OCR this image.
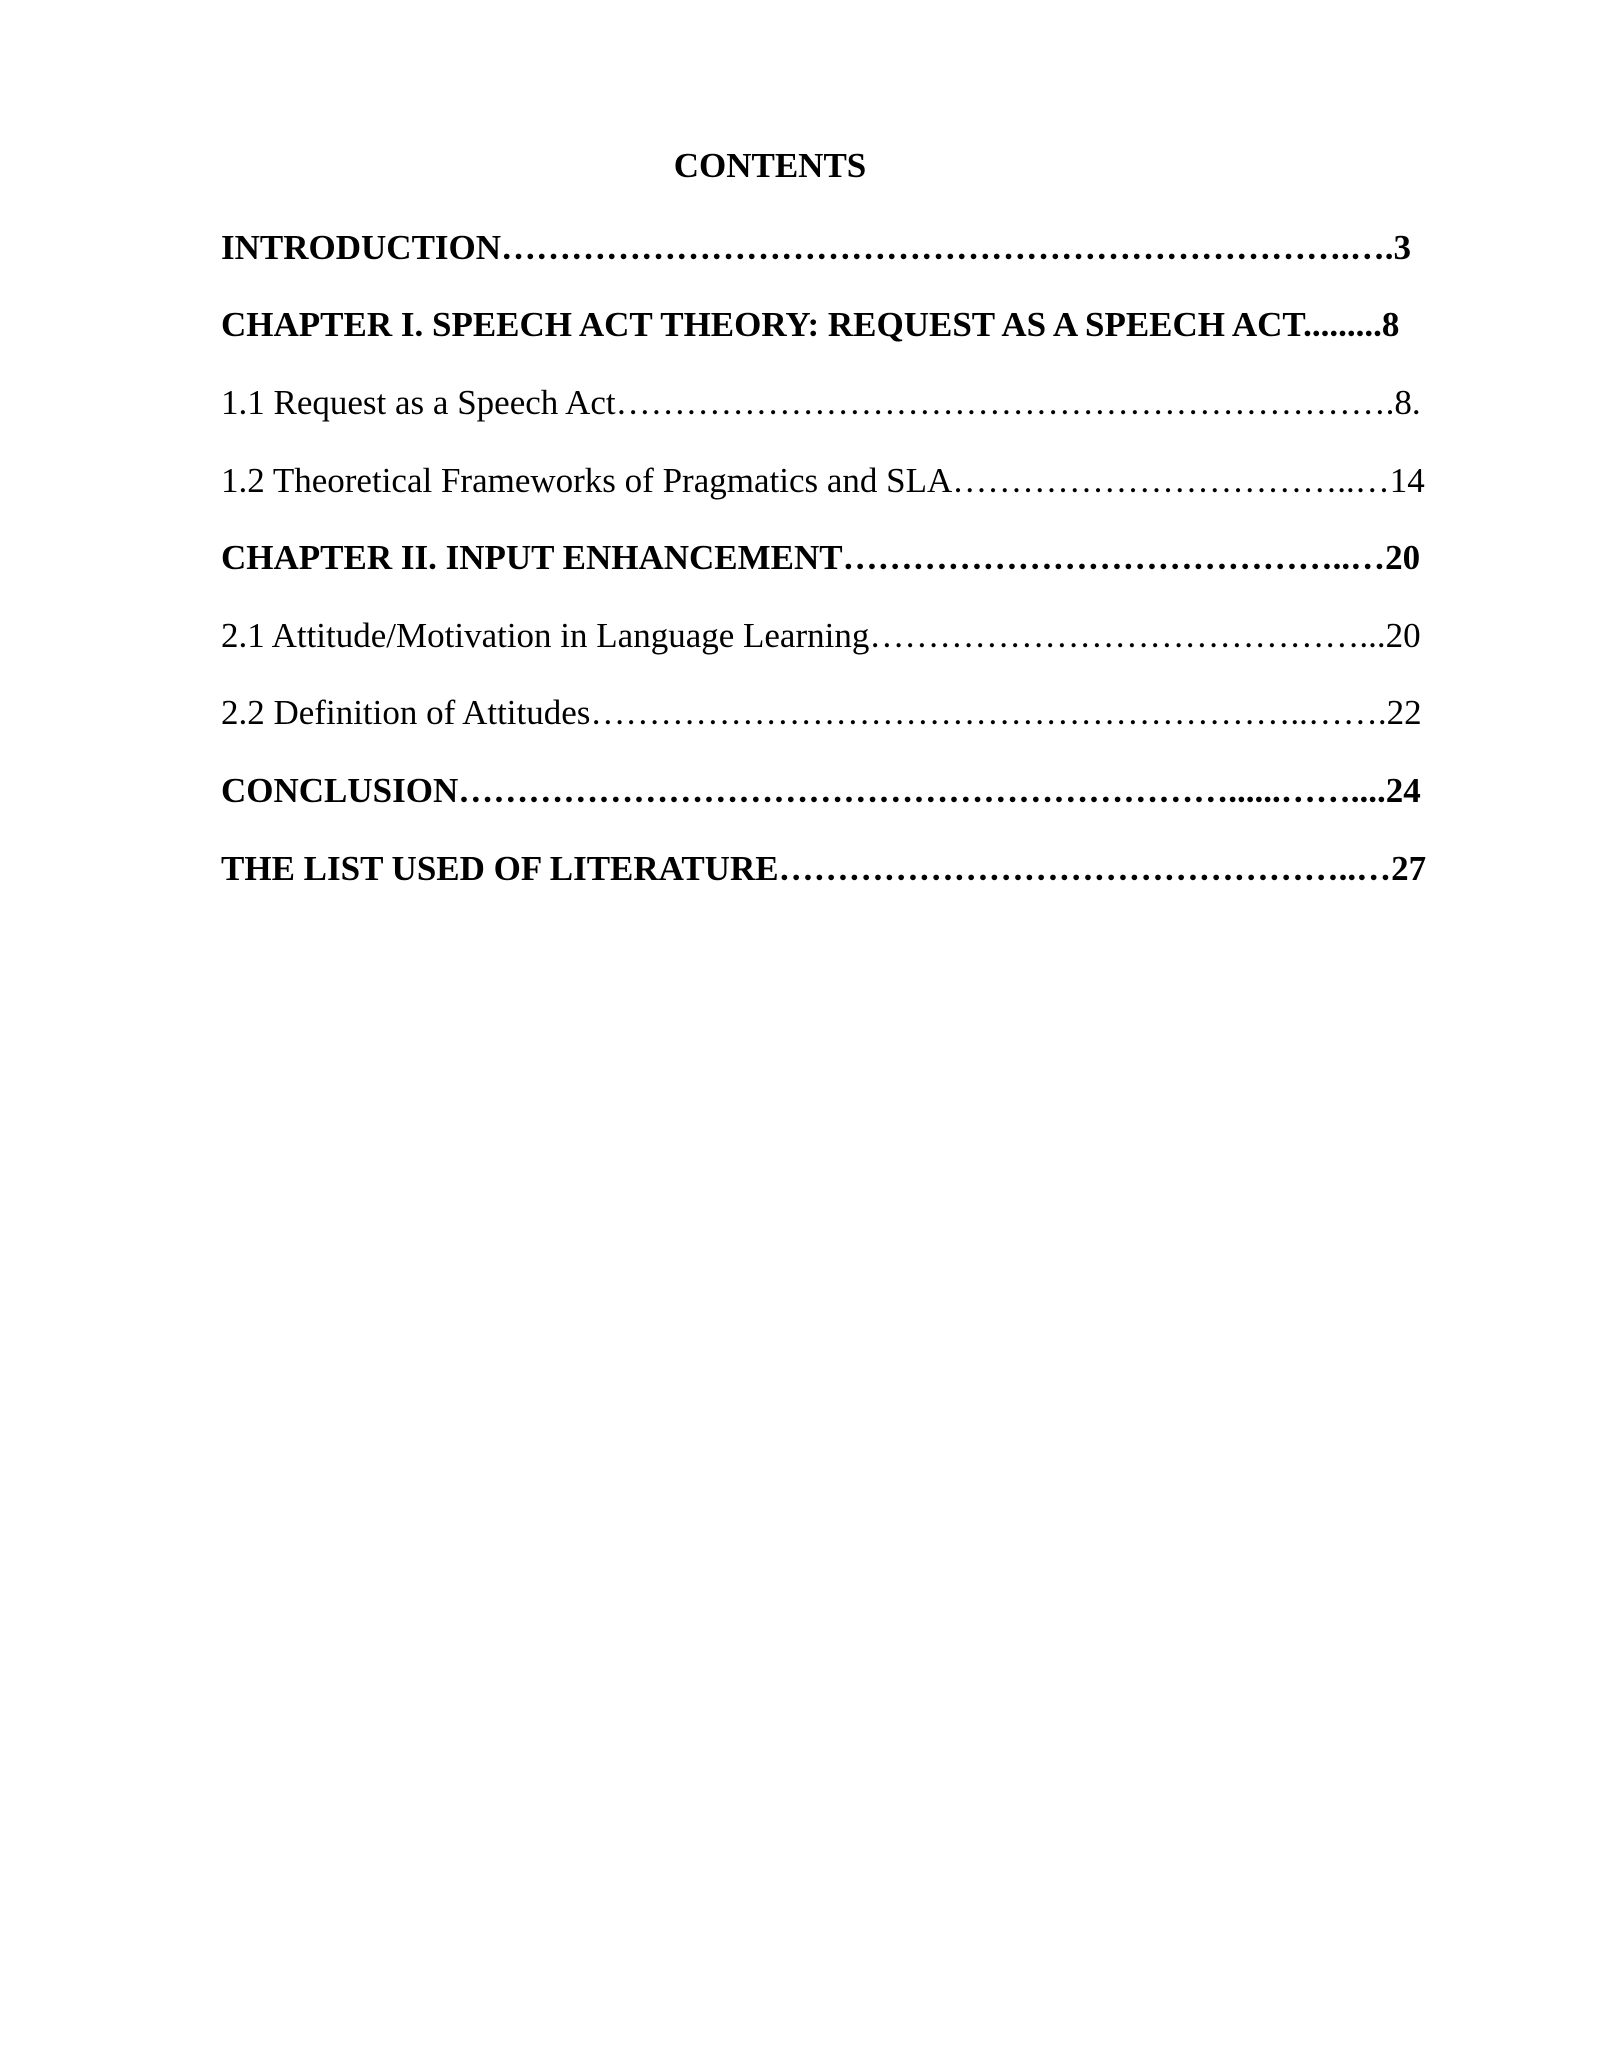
CONTENTS
INTRODUCTION……………………………………………………………….….3
CHAPTER I. SPEECH ACT THEORY: REQUEST AS A SPEECH ACT.........8
1.1 Request as a Speech Act………………………………………………………….8.
1.2 Theoretical Frameworks of Pragmatics and SLA……………………………..…14
CHAPTER II. INPUT ENHANCEMENT……………………………………..…20
2.1 Attitude/Motivation in Language Learning……………………………………...20
2.2 Definition of Attitudes……………………………………………………..…….22
CONCLUSION…………………………………………………………......……....24
THE LIST USED OF LITERATURE…………………………………………..…27
